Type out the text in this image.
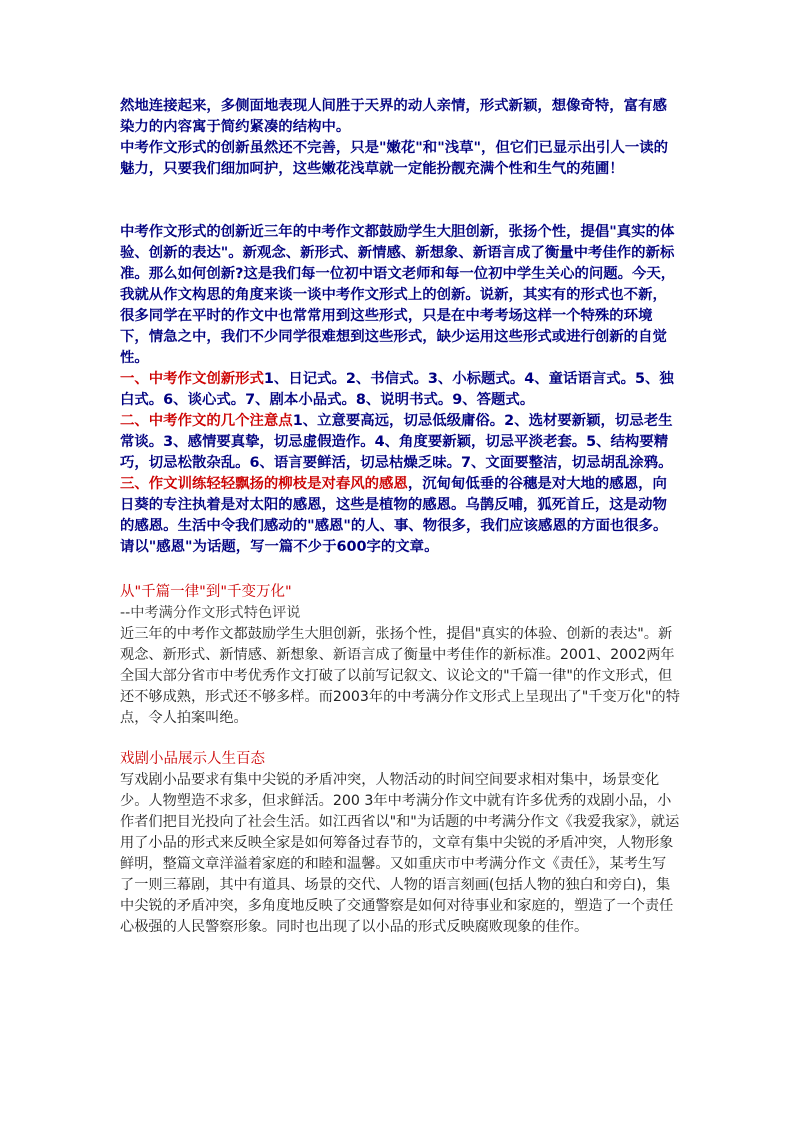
然地连接起来，多侧面地表现人间胜于天界的动人亲情，形式新颖，想像奇特，富有感染力的内容寓于简约紧凑的结构中。

中考作文形式的创新虽然还不完善，只是"嫩花"和"浅草"，但它们已显示出引人一读的魅力，只要我们细加呵护，这些嫩花浅草就一定能扮靓充满个性和生气的苑圃！

中考作文形式的创新近三年的中考作文都鼓励学生大胆创新，张扬个性，提倡"真实的体验、创新的表达"。新观念、新形式、新情感、新想象、新语言成了衡量中考佳作的新标准。那么如何创新?这是我们每一位初中语文老师和每一位初中学生关心的问题。今天，我就从作文构思的角度来谈一谈中考作文形式上的创新。说新，其实有的形式也不新，很多同学在平时的作文中也常常用到这些形式，只是在中考考场这样一个特殊的环境下，情急之中，我们不少同学很难想到这些形式，缺少运用这些形式或进行创新的自觉性。

一、中考作文创新形式1、日记式。2、书信式。3、小标题式。4、童话语言式。5、独白式。6、谈心式。7、剧本小品式。8、说明书式。9、答题式。

二、中考作文的几个注意点1、立意要高远，切忌低级庸俗。2、选材要新颖，切忌老生常谈。3、感情要真挚，切忌虚假造作。4、角度要新颖，切忌平淡老套。5、结构要精巧，切忌松散杂乱。6、语言要鲜活，切忌枯燥乏味。7、文面要整洁，切忌胡乱涂鸦。

三、作文训练轻轻飘扬的柳枝是对春风的感恩，沉甸甸低垂的谷穗是对大地的感恩，向日葵的专注执着是对太阳的感恩，这些是植物的感恩。乌鹊反哺，狐死首丘，这是动物的感恩。生活中令我们感动的"感恩"的人、事、物很多，我们应该感恩的方面也很多。请以"感恩"为话题，写一篇不少于600字的文章。

从"千篇一律"到"千变万化"

--中考满分作文形式特色评说

近三年的中考作文都鼓励学生大胆创新，张扬个性，提倡"真实的体验、创新的表达"。新观念、新形式、新情感、新想象、新语言成了衡量中考佳作的新标准。2001、2002两年全国大部分省市中考优秀作文打破了以前写记叙文、议论文的"千篇一律"的作文形式，但还不够成熟，形式还不够多样。而2003年的中考满分作文形式上呈现出了"千变万化"的特点，令人拍案叫绝。

戏剧小品展示人生百态

写戏剧小品要求有集中尖锐的矛盾冲突，人物活动的时间空间要求相对集中，场景变化少。人物塑造不求多，但求鲜活。200 3年中考满分作文中就有许多优秀的戏剧小品，小作者们把目光投向了社会生活。如江西省以"和"为话题的中考满分作文《我爱我家》，就运用了小品的形式来反映全家是如何筹备过春节的，文章有集中尖锐的矛盾冲突，人物形象鲜明，整篇文章洋溢着家庭的和睦和温馨。又如重庆市中考满分作文《责任》，某考生写了一则三幕剧，其中有道具、场景的交代、人物的语言刻画(包括人物的独白和旁白)，集中尖锐的矛盾冲突，多角度地反映了交通警察是如何对待事业和家庭的，塑造了一个责任心极强的人民警察形象。同时也出现了以小品的形式反映腐败现象的佳作。
